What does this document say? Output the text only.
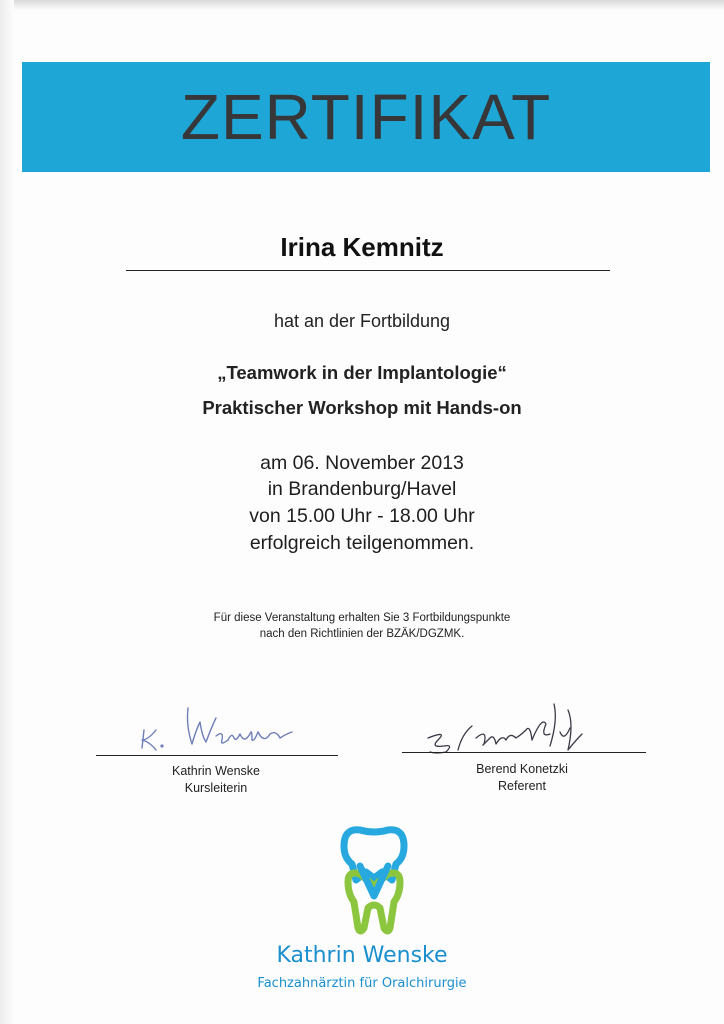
ZERTIFIKAT
Irina Kemnitz
hat an der Fortbildung
„Teamwork in der Implantologie“
Praktischer Workshop mit Hands-on
am 06. November 2013
in Brandenburg/Havel
von 15.00 Uhr - 18.00 Uhr
erfolgreich teilgenommen.
Für diese Veranstaltung erhalten Sie 3 Fortbildungspunkte
nach den Richtlinien der BZÄK/DGZMK.
Kathrin Wenske
Kursleiterin
Berend Konetzki
Referent
Kathrin Wenske
Fachzahnärztin für Oralchirurgie
